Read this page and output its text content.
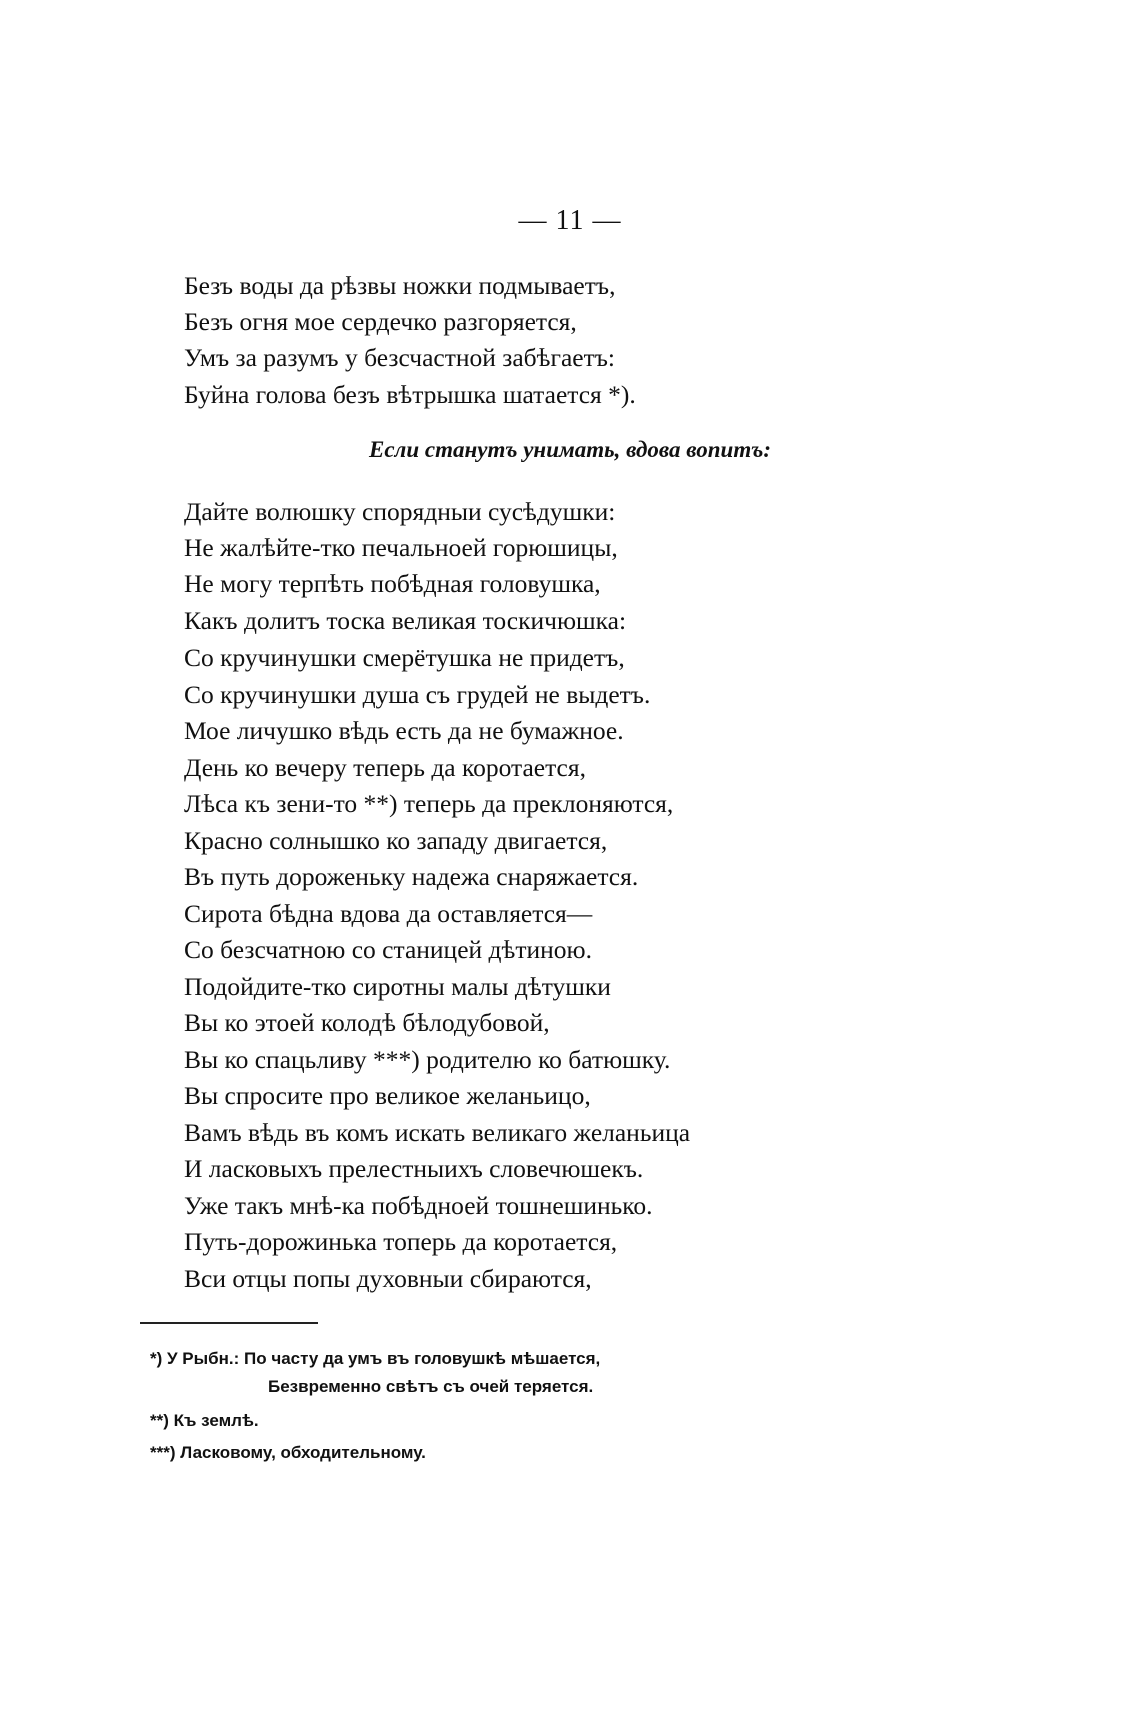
— 11 —
Безъ воды да рѣзвы ножки подмываетъ,
Безъ огня мое сердечко разгоряется,
Умъ за разумъ у безсчастной забѣгаетъ:
Буйна голова безъ вѣтрышка шатается *).
Если станутъ унимать, вдова вопитъ:
Дайте волюшку спорядныи сусѣдушки:
Не жалѣйте-тко печальноей горюшицы,
Не могу терпѣть побѣдная головушка,
Какъ долитъ тоска великая тоскичюшка:
Со кручинушки смерётушка не придетъ,
Со кручинушки душа съ грудей не выдетъ.
Мое личушко вѣдь есть да не бумажное.
День ко вечеру теперь да коротается,
Лѣса къ зени-то **) теперь да преклоняются,
Красно солнышко ко западу двигается,
Въ путь дороженьку надежа снаряжается.
Сирота бѣдна вдова да оставляется—
Со безсчатною со станицей дѣтиною.
Подойдите-тко сиротны малы дѣтушки
Вы ко этоей колодѣ бѣлодубовой,
Вы ко спацьливу ***) родителю ко батюшку.
Вы спросите про великое желаньицо,
Вамъ вѣдь въ комъ искать великаго желаньица
И ласковыхъ прелестныихъ словечюшекъ.
Уже такъ мнѣ-ка побѣдноей тошнешинько.
Путь-дорожинька топерь да коротается,
Вси отцы попы духовныи сбираются,
*) У Рыбн.: По часту да умъ въ головушкѣ мѣшается,
Безвременно свѣтъ съ очей теряется.
**) Къ землѣ.
***) Ласковому, обходительному.
